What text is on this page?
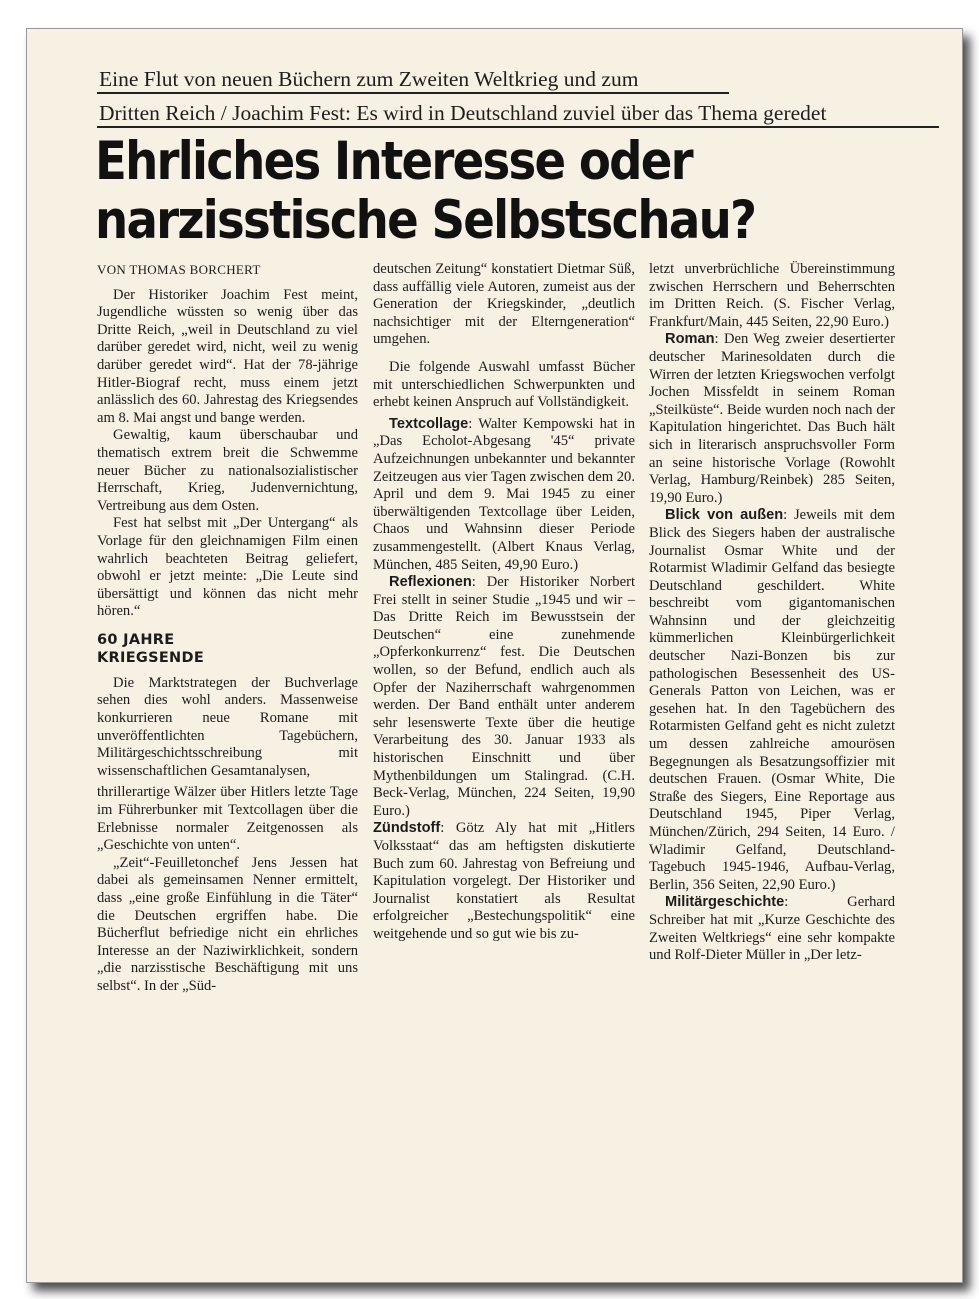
Eine Flut von neuen Büchern zum Zweiten Weltkrieg und zum
Dritten Reich / Joachim Fest: Es wird in Deutschland zuviel über das Thema geredet
Ehrliches Interesse oder
narzisstische Selbstschau?
VON THOMAS BORCHERT

Der Historiker Joachim Fest meint, Jugendliche wüssten so wenig über das Dritte Reich, „weil in Deutschland zu viel darüber geredet wird, nicht, weil zu wenig darüber geredet wird“. Hat der 78-jährige Hitler-Biograf recht, muss einem jetzt anlässlich des 60. Jahrestag des Kriegsendes am 8. Mai angst und bange werden.

Gewaltig, kaum überschaubar und thematisch extrem breit die Schwemme neuer Bücher zu nationalsozialistischer Herrschaft, Krieg, Judenvernichtung, Vertreibung aus dem Osten.

Fest hat selbst mit „Der Untergang“ als Vorlage für den gleichnamigen Film einen wahrlich beachteten Beitrag geliefert, obwohl er jetzt meinte: „Die Leute sind übersättigt und können das nicht mehr hören.“

60 JAHRE
KRIEGSENDE

Die Marktstrategen der Buchverlage sehen dies wohl anders. Massenweise konkurrieren neue Romane mit unveröffentlichten Tagebüchern, Militärgeschichtsschreibung mit wissenschaftlichen Gesamtanalysen,

thrillerartige Wälzer über Hitlers letzte Tage im Führerbunker mit Textcollagen über die Erlebnisse normaler Zeitgenossen als „Geschichte von unten“.

„Zeit“-Feuilletonchef Jens Jessen hat dabei als gemeinsamen Nenner ermittelt, dass „eine große Einfühlung in die Täter“ die Deutschen ergriffen habe. Die Bücherflut befriedige nicht ein ehrliches Interesse an der Naziwirklichkeit, sondern „die narzisstische Beschäftigung mit uns selbst“. In der „Süd-

deutschen Zeitung“ konstatiert Dietmar Süß, dass auffällig viele Autoren, zumeist aus der Generation der Kriegskinder, „deutlich nachsichtiger mit der Elterngeneration“ umgehen.

Die folgende Auswahl umfasst Bücher mit unterschiedlichen Schwerpunkten und erhebt keinen Anspruch auf Vollständigkeit.

Textcollage: Walter Kempowski hat in „Das Echolot-Abgesang '45“ private Aufzeichnungen unbekannter und bekannter Zeitzeugen aus vier Tagen zwischen dem 20. April und dem 9. Mai 1945 zu einer überwältigenden Textcollage über Leiden, Chaos und Wahnsinn dieser Periode zusammengestellt. (Albert Knaus Verlag, München, 485 Seiten, 49,90 Euro.)

Reflexionen: Der Historiker Norbert Frei stellt in seiner Studie „1945 und wir – Das Dritte Reich im Bewusstsein der Deutschen“ eine zunehmende „Opferkonkurrenz“ fest. Die Deutschen wollen, so der Befund, endlich auch als Opfer der Naziherrschaft wahrgenommen werden. Der Band enthält unter anderem sehr lesenswerte Texte über die heutige Verarbeitung des 30. Januar 1933 als historischen Einschnitt und über Mythenbildungen um Stalingrad. (C.H. Beck-Verlag, München, 224 Seiten, 19,90 Euro.)

Zündstoff: Götz Aly hat mit „Hitlers Volksstaat“ das am heftigsten diskutierte Buch zum 60. Jahrestag von Befreiung und Kapitulation vorgelegt. Der Historiker und Journalist konstatiert als Resultat erfolgreicher „Bestechungspolitik“ eine weitgehende und so gut wie bis zu-

letzt unverbrüchliche Übereinstimmung zwischen Herrschern und Beherrschten im Dritten Reich. (S. Fischer Verlag, Frankfurt/Main, 445 Seiten, 22,90 Euro.)

Roman: Den Weg zweier desertierter deutscher Marinesoldaten durch die Wirren der letzten Kriegswochen verfolgt Jochen Missfeldt in seinem Roman „Steilküste“. Beide wurden noch nach der Kapitulation hingerichtet. Das Buch hält sich in literarisch anspruchsvoller Form an seine historische Vorlage (Rowohlt Verlag, Hamburg/Reinbek) 285 Seiten, 19,90 Euro.)

Blick von außen: Jeweils mit dem Blick des Siegers haben der australische Journalist Osmar White und der Rotarmist Wladimir Gelfand das besiegte Deutschland geschildert. White beschreibt vom gigantomanischen Wahnsinn und der gleichzeitig kümmerlichen Kleinbürgerlichkeit deutscher Nazi-Bonzen bis zur pathologischen Besessenheit des US-Generals Patton von Leichen, was er gesehen hat. In den Tagebüchern des Rotarmisten Gelfand geht es nicht zuletzt um dessen zahlreiche amourösen Begegnungen als Besatzungsoffizier mit deutschen Frauen. (Osmar White, Die Straße des Siegers, Eine Reportage aus Deutschland 1945, Piper Verlag, München/Zürich, 294 Seiten, 14 Euro. / Wladimir Gelfand, Deutschland-Tagebuch 1945-1946, Aufbau-Verlag, Berlin, 356 Seiten, 22,90 Euro.)

Militärgeschichte: Gerhard Schreiber hat mit „Kurze Geschichte des Zweiten Weltkriegs“ eine sehr kompakte und Rolf-Dieter Müller in „Der letz-
